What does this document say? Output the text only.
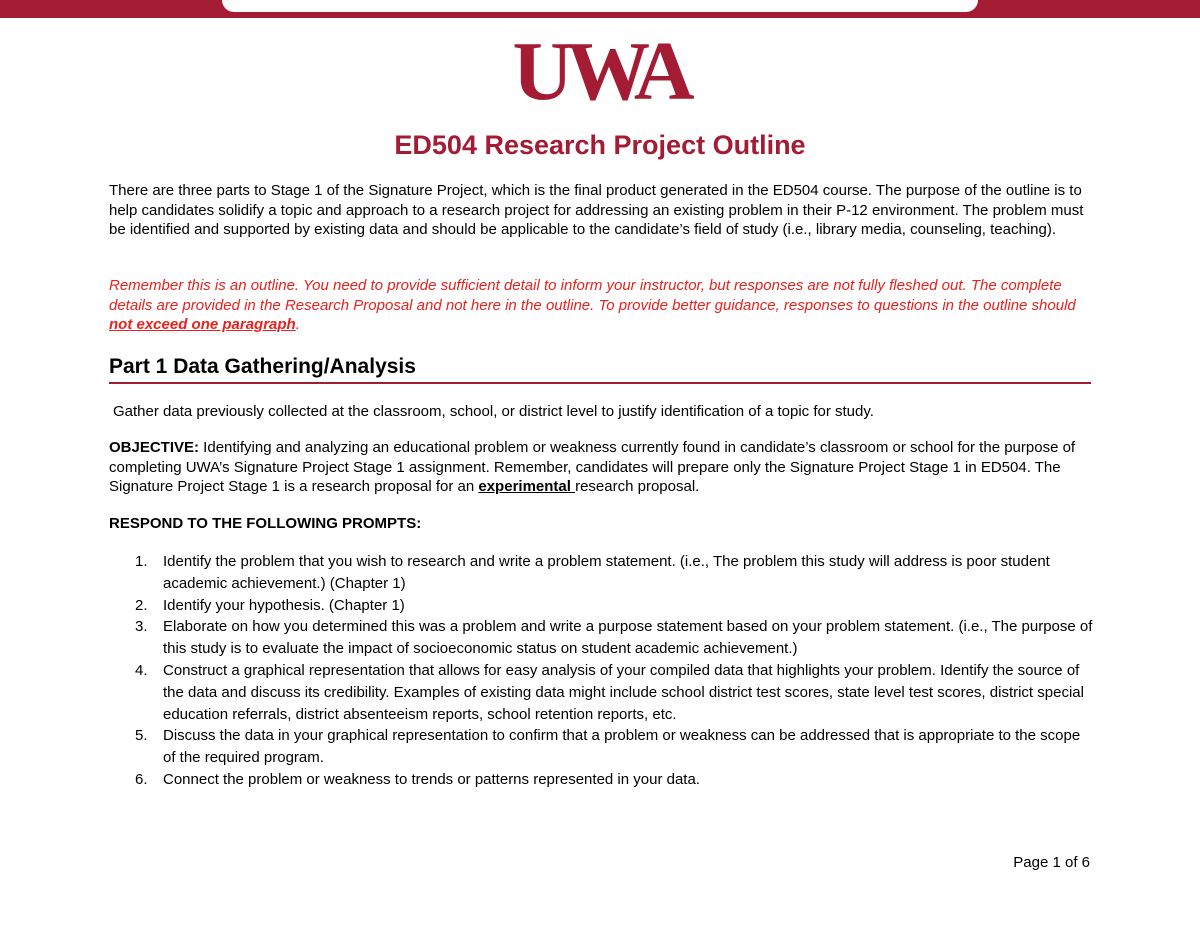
UWA
ED504 Research Project Outline

There are three parts to Stage 1 of the Signature Project, which is the final product generated in the ED504 course. The purpose of the outline is to help candidates solidify a topic and approach to a research project for addressing an existing problem in their P-12 environment. The problem must be identified and supported by existing data and should be applicable to the candidate’s field of study (i.e., library media, counseling, teaching).

Remember this is an outline. You need to provide sufficient detail to inform your instructor, but responses are not fully fleshed out. The complete details are provided in the Research Proposal and not here in the outline. To provide better guidance, responses to questions in the outline should not exceed one paragraph.

Part 1 Data Gathering/Analysis

Gather data previously collected at the classroom, school, or district level to justify identification of a topic for study.

OBJECTIVE: Identifying and analyzing an educational problem or weakness currently found in candidate’s classroom or school for the purpose of completing UWA’s Signature Project Stage 1 assignment. Remember, candidates will prepare only the Signature Project Stage 1 in ED504. The Signature Project Stage 1 is a research proposal for an experimental research proposal.

RESPOND TO THE FOLLOWING PROMPTS:

1. Identify the problem that you wish to research and write a problem statement. (i.e., The problem this study will address is poor student academic achievement.) (Chapter 1)
2. Identify your hypothesis. (Chapter 1)
3. Elaborate on how you determined this was a problem and write a purpose statement based on your problem statement. (i.e., The purpose of this study is to evaluate the impact of socioeconomic status on student academic achievement.)
4. Construct a graphical representation that allows for easy analysis of your compiled data that highlights your problem. Identify the source of the data and discuss its credibility. Examples of existing data might include school district test scores, state level test scores, district special education referrals, district absenteeism reports, school retention reports, etc.
5. Discuss the data in your graphical representation to confirm that a problem or weakness can be addressed that is appropriate to the scope of the required program.
6. Connect the problem or weakness to trends or patterns represented in your data.
Page 1 of 6
